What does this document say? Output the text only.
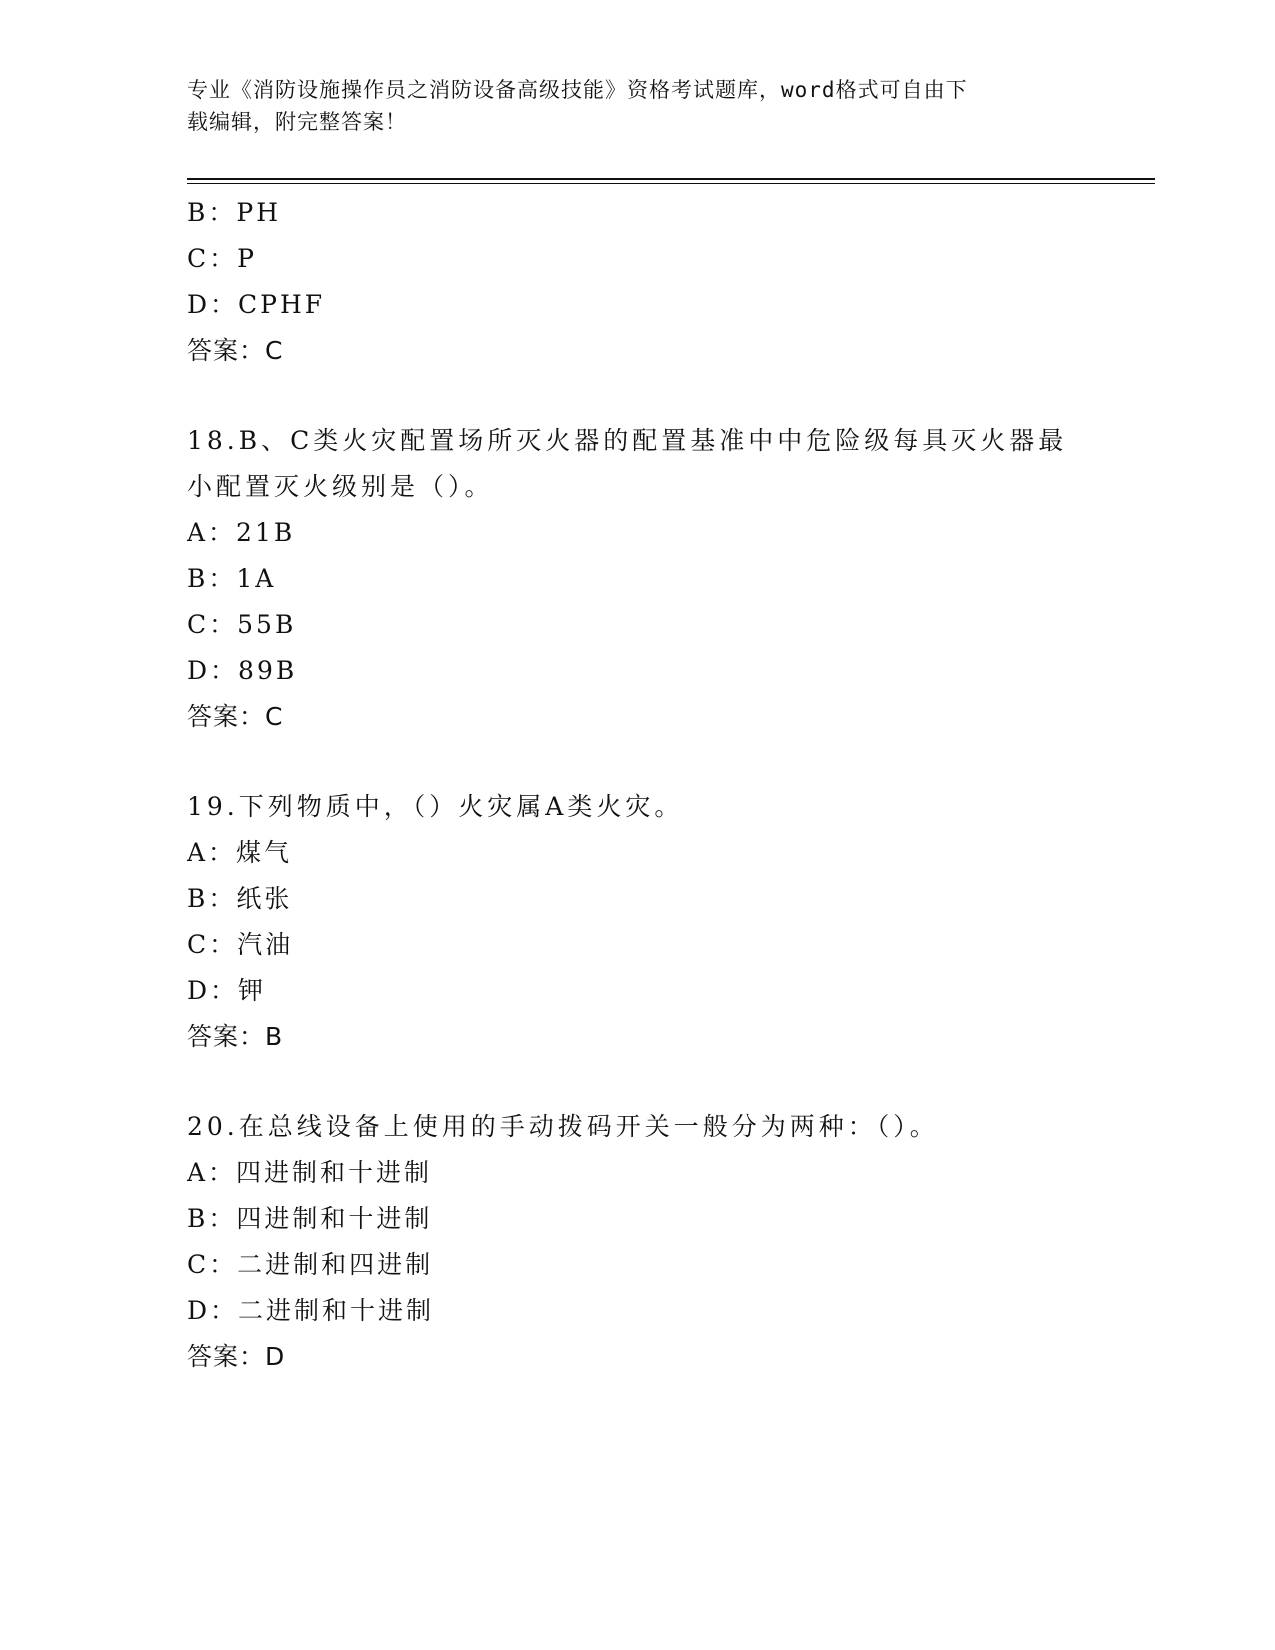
专业《消防设施操作员之消防设备高级技能》资格考试题库，word格式可自由下
载编辑，附完整答案！
B：PH
C：P
D：CPHF
答案：C
18.B、C类火灾配置场所灭火器的配置基准中中危险级每具灭火器最小配置灭火级别是（）。
A：21B
B：1A
C：55B
D：89B
答案：C
19.下列物质中，（）火灾属A类火灾。
A：煤气
B：纸张
C：汽油
D：钾
答案：B
20.在总线设备上使用的手动拨码开关一般分为两种：（）。
A：四进制和十进制
B：四进制和十进制
C：二进制和四进制
D：二进制和十进制
答案：D
